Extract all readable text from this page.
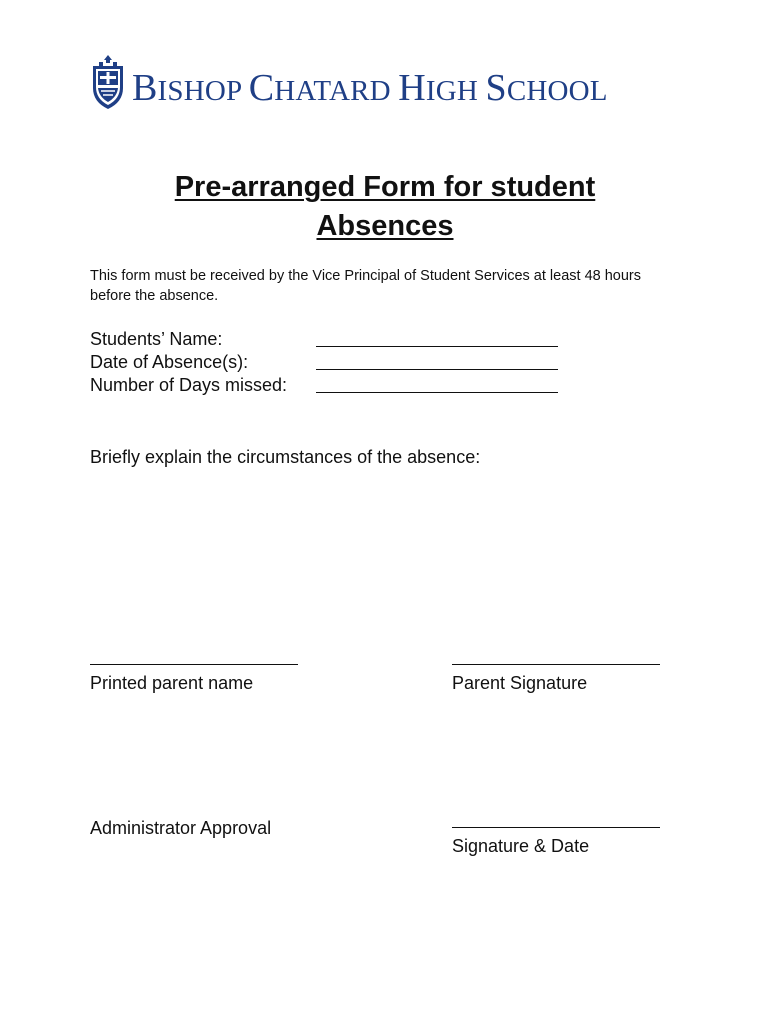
BISHOP CHATARD HIGH SCHOOL
Pre-arranged Form for student
Absences
This form must be received by the Vice Principal of Student Services at least 48 hours before the absence.
Students’ Name:
Date of Absence(s):
Number of Days missed:
Briefly explain the circumstances of the absence:
Printed parent name	Parent Signature
Administrator Approval
Signature & Date
